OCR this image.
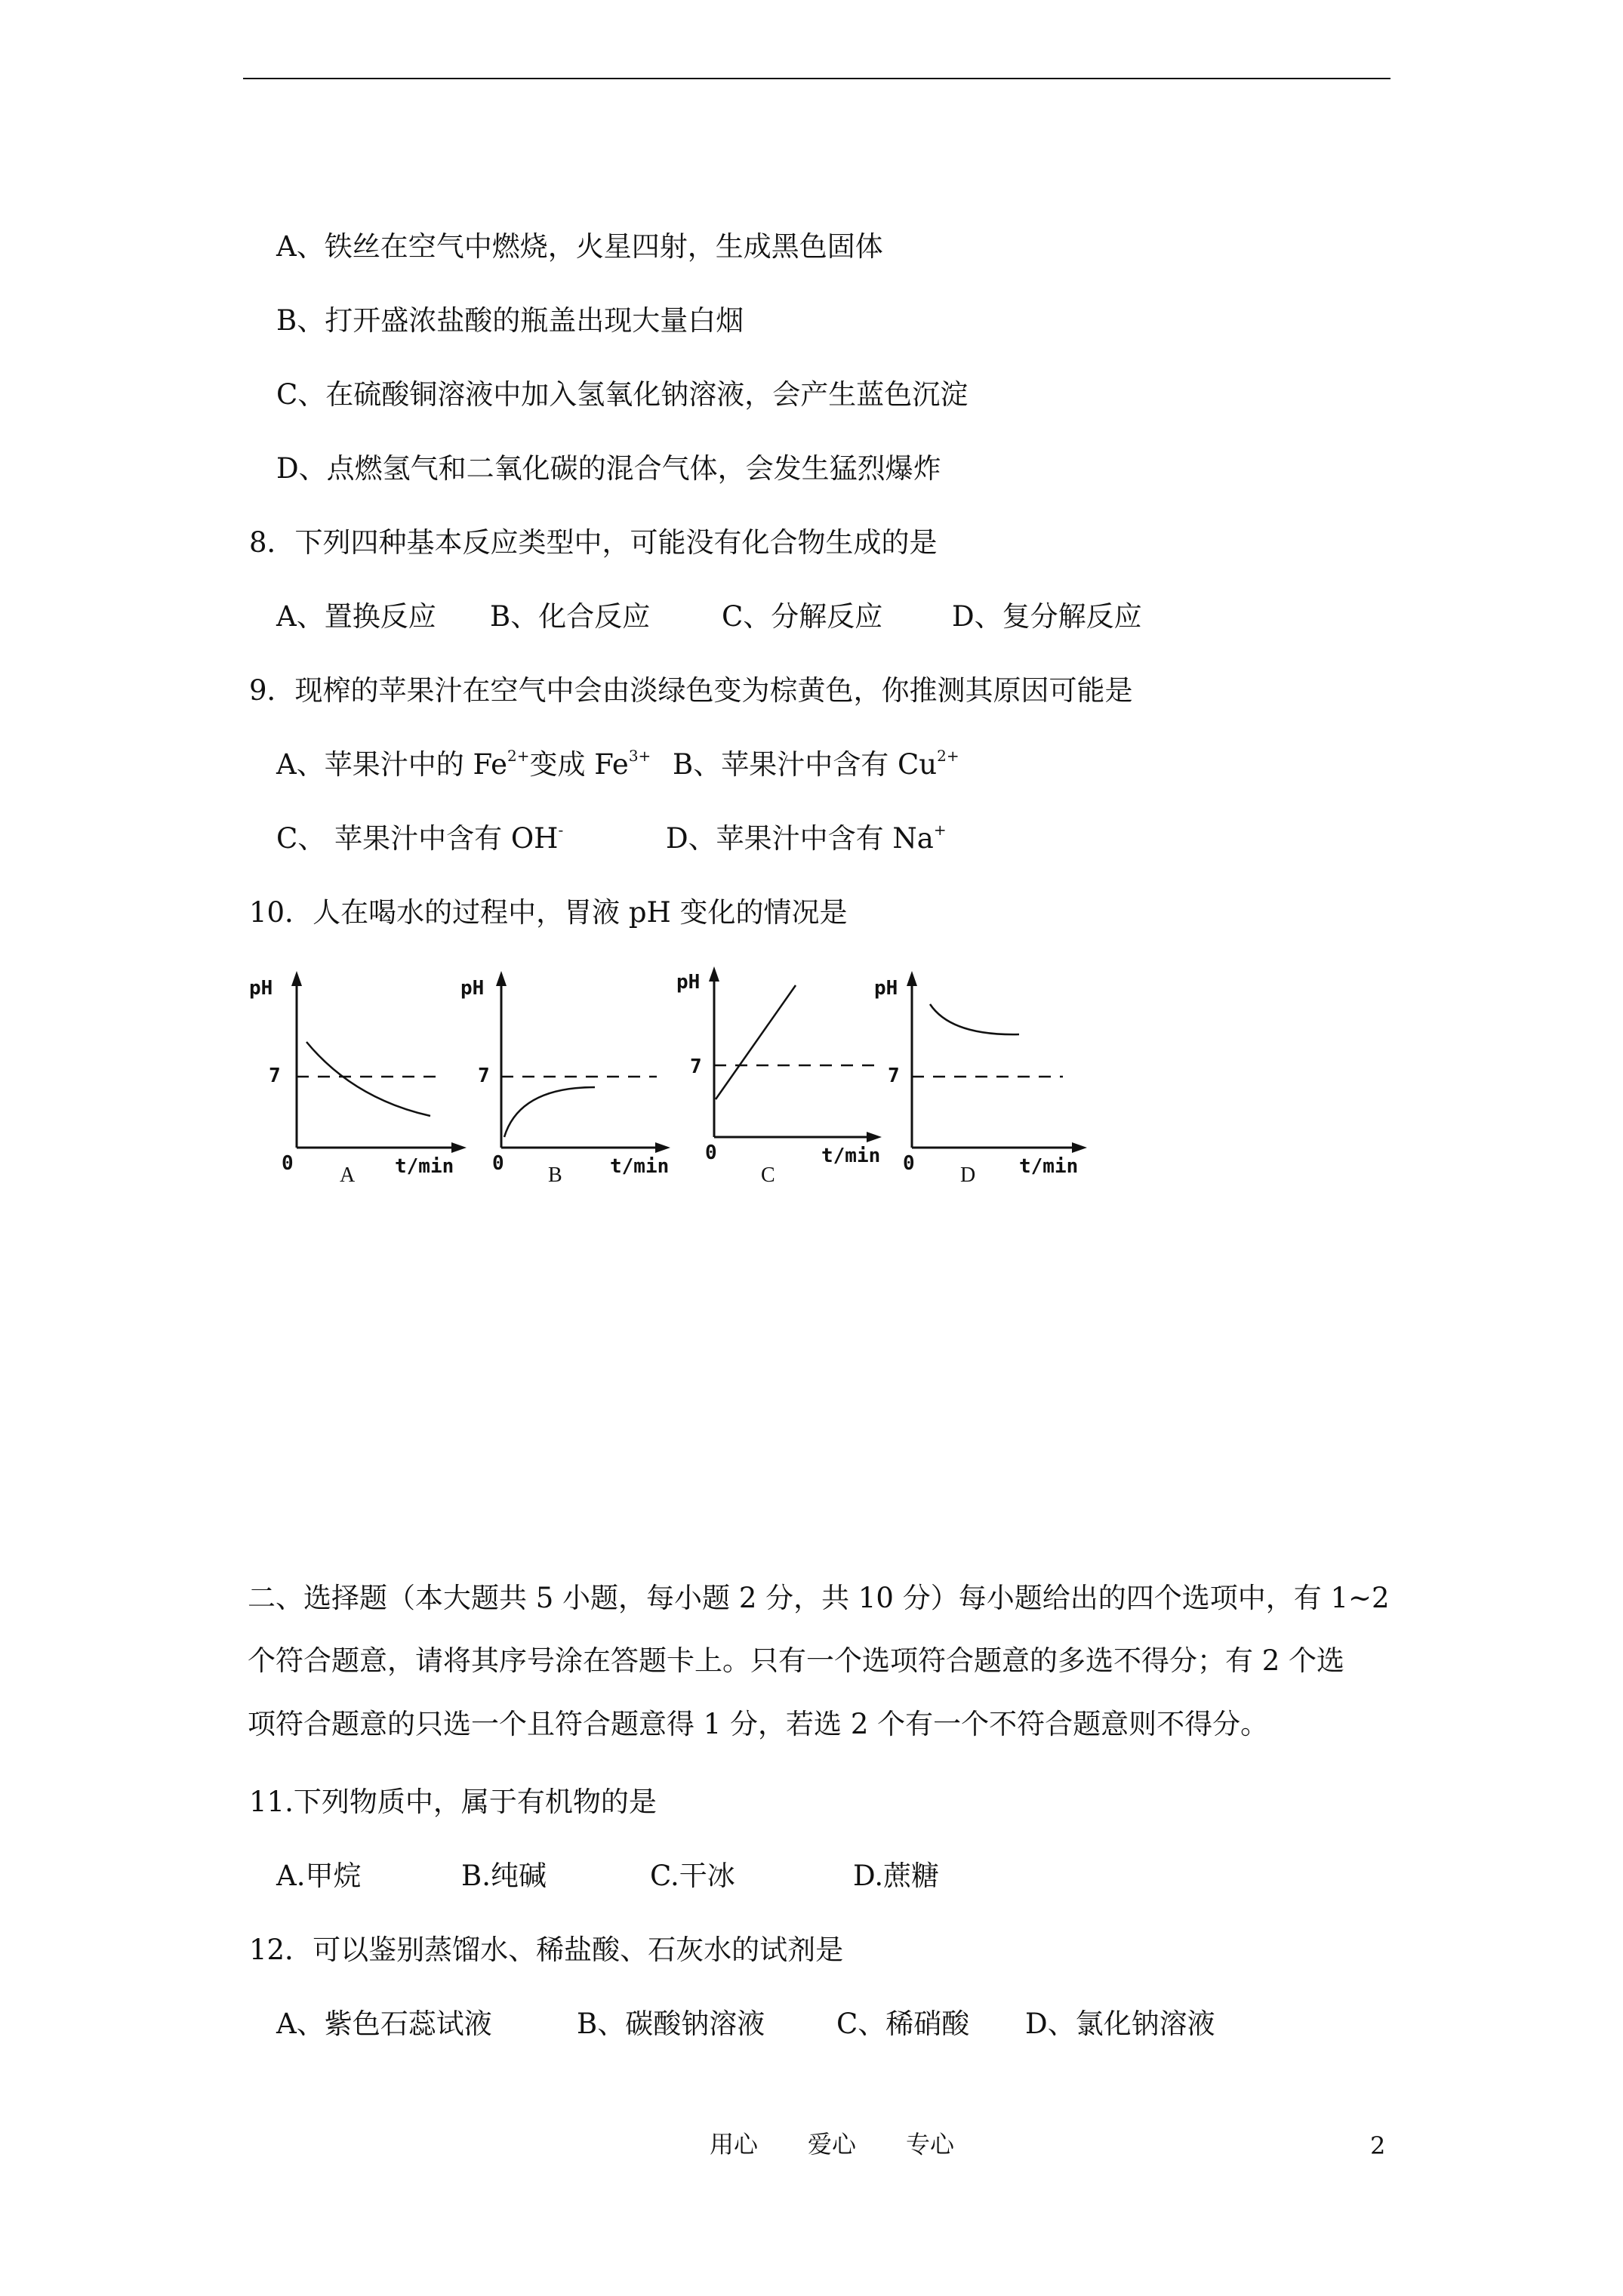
A、铁丝在空气中燃烧，火星四射，生成黑色固体
B、打开盛浓盐酸的瓶盖出现大量白烟
C、在硫酸铜溶液中加入氢氧化钠溶液，会产生蓝色沉淀
D、点燃氢气和二氧化碳的混合气体，会发生猛烈爆炸
8．下列四种基本反应类型中，可能没有化合物生成的是
A、置换反应 B、化合反应	C、分解反应 D、复分解反应
9．现榨的苹果汁在空气中会由淡绿色变为棕黄色，你推测其原因可能是
A、苹果汁中的 $Fe^{2+}$变成 $Fe^{3+}$ B、苹果汁中含有 $Cu^{2+}$
C、 苹果汁中含有 OH-	D、苹果汁中含有 Na+
10．人在喝水的过程中，胃液 pH 变化的情况是
pH
7
0	t/min
A
pH
7
0	t/min
B
pH
7
0	t/min
C
pH
7
0	t/min
D
二、选择题（本大题共 5 小题，每小题 2 分，共 10 分）每小题给出的四个选项中，有 1~2
个符合题意，请将其序号涂在答题卡上。只有一个选项符合题意的多选不得分；有 2 个选
项符合题意的只选一个且符合题意得 1 分，若选 2 个有一个不符合题意则不得分。
11.下列物质中，属于有机物的是
A.甲烷	B.纯碱	C.干冰	D.蔗糖
12．可以鉴别蒸馏水、稀盐酸、石灰水的试剂是
A、紫色石蕊试液	B、碳酸钠溶液	C、稀硝酸 D、氯化钠溶液
用心 爱心 专心	2
